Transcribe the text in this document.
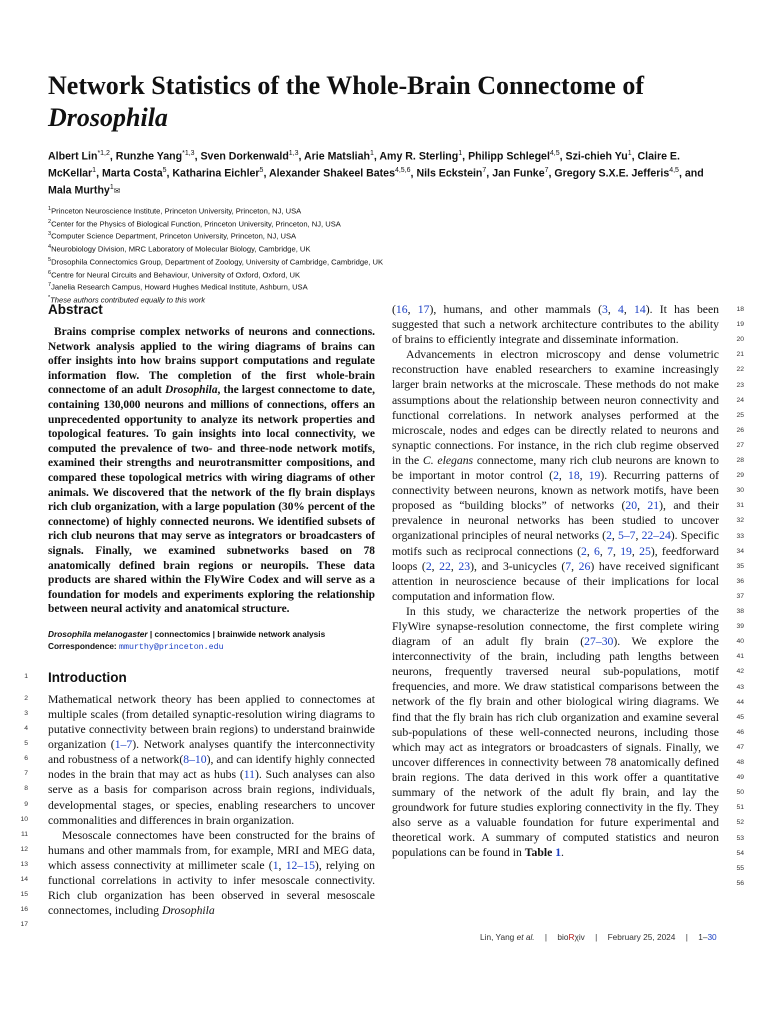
Network Statistics of the Whole-Brain Connectome of
Drosophila
Albert Lin$^{*1,2}$, Runzhe Yang$^{*1,3}$, Sven Dorkenwald$^{1,3}$, Arie Matsliah$^1$, Amy R. Sterling$^1$, Philipp Schlegel$^{4,5}$, Szi-chieh Yu$^1$, Claire E. McKellar$^1$, Marta Costa$^5$, Katharina Eichler$^5$, Alexander Shakeel Bates$^{4,5,6}$, Nils Eckstein$^7$, Jan Funke$^7$, Gregory S.X.E. Jefferis$^{4,5}$, and Mala Murthy$^1$✉
$^1$Princeton Neuroscience Institute, Princeton University, Princeton, NJ, USA
$^2$Center for the Physics of Biological Function, Princeton University, Princeton, NJ, USA
$^3$Computer Science Department, Princeton University, Princeton, NJ, USA
$^4$Neurobiology Division, MRC Laboratory of Molecular Biology, Cambridge, UK
$^5$Drosophila Connectomics Group, Department of Zoology, University of Cambridge, Cambridge, UK
$^6$Centre for Neural Circuits and Behaviour, University of Oxford, Oxford, UK
$^7$Janelia Research Campus, Howard Hughes Medical Institute, Ashburn, USA
*These authors contributed equally to this work
Abstract

Brains comprise complex networks of neurons and connections. Network analysis applied to the wiring diagrams of brains can offer insights into how brains support computations and regulate information flow. The completion of the first whole-brain connectome of an adult Drosophila, the largest connectome to date, containing 130,000 neurons and millions of connections, offers an unprecedented opportunity to analyze its network properties and topological features. To gain insights into local connectivity, we computed the prevalence of two- and three-node network motifs, examined their strengths and neurotransmitter compositions, and compared these topological metrics with wiring diagrams of other animals. We discovered that the network of the fly brain displays rich club organization, with a large population (30% percent of the connectome) of highly connected neurons. We identified subsets of rich club neurons that may serve as integrators or broadcasters of signals. Finally, we examined subnetworks based on 78 anatomically defined brain regions or neuropils. These data products are shared within the FlyWire Codex and will serve as a foundation for models and experiments exploring the relationship between neural activity and anatomical structure.

Drosophila melanogaster | connectomics | brainwide network analysis

Correspondence: mmurthy@princeton.edu

Introduction

Mathematical network theory has been applied to connectomes at multiple scales (from detailed synaptic-resolution wiring diagrams to putative connectivity between brain regions) to understand brainwide organization (1–7). Network analyses quantify the interconnectivity and robustness of a network(8–10), and can identify highly connected nodes in the brain that may act as hubs (11). Such analyses can also serve as a basis for comparison across brain regions, individuals, developmental stages, or species, enabling researchers to uncover commonalities and differences in brain organization.

Mesoscale connectomes have been constructed for the brains of humans and other mammals from, for example, MRI and MEG data, which assess connectivity at millimeter scale (1, 12–15), relying on functional correlations in activity to infer mesoscale connectivity. Rich club organization has been observed in several mesoscale connectomes, including Drosophila

1
2
3
4
5
6
7
8
9
10
11
12
13
14
15
16
17

(16, 17), humans, and other mammals (3, 4, 14). It has been suggested that such a network architecture contributes to the ability of brains to efficiently integrate and disseminate information.

Advancements in electron microscopy and dense volumetric reconstruction have enabled researchers to examine increasingly larger brain networks at the microscale. These methods do not make assumptions about the relationship between neuron connectivity and functional correlations. In network analyses performed at the microscale, nodes and edges can be directly related to neurons and synaptic connections. For instance, in the rich club regime observed in the C. elegans connectome, many rich club neurons are known to be important in motor control (2, 18, 19). Recurring patterns of connectivity between neurons, known as network motifs, have been proposed as “building blocks” of networks (20, 21), and their prevalence in neuronal networks has been studied to uncover organizational principles of neural networks (2, 5–7, 22–24). Specific motifs such as reciprocal connections (2, 6, 7, 19, 25), feedforward loops (2, 22, 23), and 3-unicycles (7, 26) have received significant attention in neuroscience because of their implications for local computation and information flow.

In this study, we characterize the network properties of the FlyWire synapse-resolution connectome, the first complete wiring diagram of an adult fly brain (27–30). We explore the interconnectivity of the brain, including path lengths between neurons, frequently traversed neural sub-populations, motif frequencies, and more. We draw statistical comparisons between the network of the fly brain and other biological wiring diagrams. We find that the fly brain has rich club organization and examine several sub-populations of these well-connected neurons, including those which may act as integrators or broadcasters of signals. Finally, we uncover differences in connectivity between 78 anatomically defined brain regions. The data derived in this work offer a quantitative summary of the network of the adult fly brain, and lay the groundwork for future studies exploring connectivity in the fly. They also serve as a valuable foundation for future experimental and theoretical work. A summary of computed statistics and neuron populations can be found in Table 1.

18
19
20
21
22
23
24
25
26
27
28
29
30
31
32
33
34
35
36
37
38
39
40
41
42
43
44
45
46
47
48
49
50
51
52
53
54
55
56
Lin, Yang et al. | bioRχiv | February 25, 2024 | 1–30
